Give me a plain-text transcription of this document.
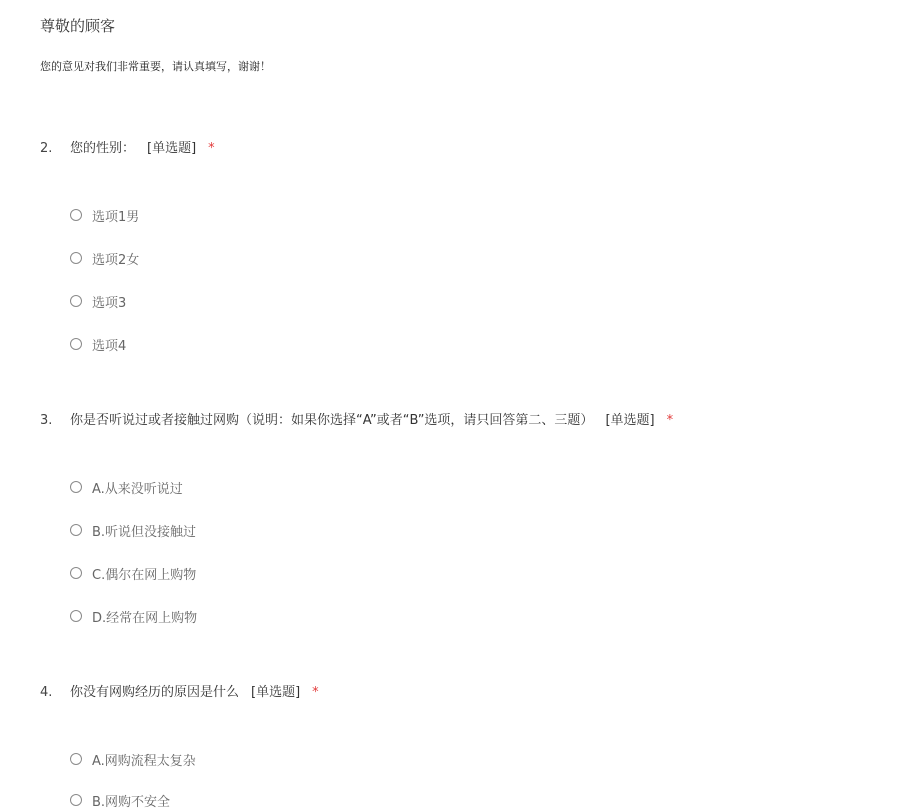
尊敬的顾客
您的意见对我们非常重要，请认真填写，谢谢！
2. 您的性别： [单选题] *
选项1男
选项2女
选项3
选项4
3. 你是否听说过或者接触过网购（说明：如果你选择“A”或者“B”选项，请只回答第二、三题） [单选题] *
A.从来没听说过
B.听说但没接触过
C.偶尔在网上购物
D.经常在网上购物
4. 你没有网购经历的原因是什么 [单选题] *
A.网购流程太复杂
B.网购不安全
